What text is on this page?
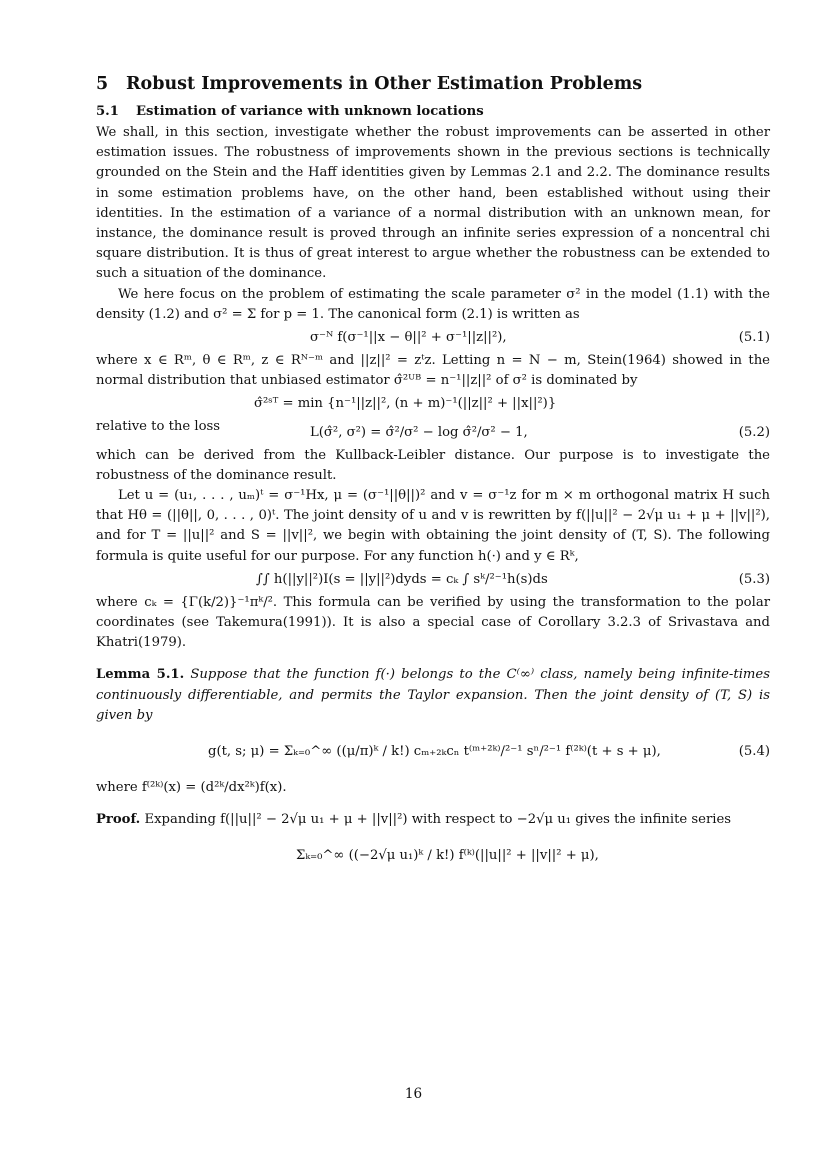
5 Robust Improvements in Other Estimation Problems
5.1 Estimation of variance with unknown locations

We shall, in this section, investigate whether the robust improvements can be asserted in other estimation issues. The robustness of improvements shown in the previous sections is technically grounded on the Stein and the Haff identities given by Lemmas 2.1 and 2.2. The dominance results in some estimation problems have, on the other hand, been established without using their identities. In the estimation of a variance of a normal distribution with an unknown mean, for instance, the dominance result is proved through an infinite series expression of a noncentral chi square distribution. It is thus of great interest to argue whether the robustness can be extended to such a situation of the dominance.

We here focus on the problem of estimating the scale parameter σ² in the model (1.1) with the density (1.2) and σ² = Σ for p = 1. The canonical form (2.1) is written as

σ⁻ᴺ f(σ⁻¹||x − θ||² + σ⁻¹||z||²),	(5.1)

where x ∈ Rᵐ, θ ∈ Rᵐ, z ∈ Rᴺ⁻ᵐ and ||z||² = zᵗz. Letting n = N − m, Stein(1964) showed in the normal distribution that unbiased estimator σ̂²ᵁᴮ = n⁻¹||z||² of σ² is dominated by

σ̂²ˢᵀ = min {n⁻¹||z||², (n + m)⁻¹(||z||² + ||x||²)}

relative to the loss	L(σ̂², σ²) = σ̂²/σ² − log σ̂²/σ² − 1,	(5.2)

which can be derived from the Kullback-Leibler distance. Our purpose is to investigate the robustness of the dominance result.

Let u = (u₁, . . . , uₘ)ᵗ = σ⁻¹Hx, μ = (σ⁻¹||θ||)² and v = σ⁻¹z for m × m orthogonal matrix H such that Hθ = (||θ||, 0, . . . , 0)ᵗ. The joint density of u and v is rewritten by f(||u||² − 2√μ u₁ + μ + ||v||²), and for T = ||u||² and S = ||v||², we begin with obtaining the joint density of (T, S). The following formula is quite useful for our purpose. For any function h(·) and y ∈ Rᵏ,

∫∫ h(||y||²)I(s = ||y||²)dyds = cₖ ∫ sᵏ/²⁻¹h(s)ds	(5.3)

where cₖ = {Γ(k/2)}⁻¹πᵏ/². This formula can be verified by using the transformation to the polar coordinates (see Takemura(1991)). It is also a special case of Corollary 3.2.3 of Srivastava and Khatri(1979).

Lemma 5.1. Suppose that the function f(·) belongs to the C⁽∞⁾ class, namely being infinite-times continuously differentiable, and permits the Taylor expansion. Then the joint density of (T, S) is given by

g(t, s; μ) = Σₖ₌₀^∞ ((μ/π)ᵏ / k!) cₘ₊₂ₖcₙ t⁽ᵐ⁺²ᵏ⁾/²⁻¹ sⁿ/²⁻¹ f⁽²ᵏ⁾(t + s + μ),	(5.4)

where f⁽²ᵏ⁾(x) = (d²ᵏ/dx²ᵏ)f(x).

Proof. Expanding f(||u||² − 2√μ u₁ + μ + ||v||²) with respect to −2√μ u₁ gives the infinite series

Σₖ₌₀^∞ ((−2√μ u₁)ᵏ / k!) f⁽ᵏ⁾(||u||² + ||v||² + μ),
16
